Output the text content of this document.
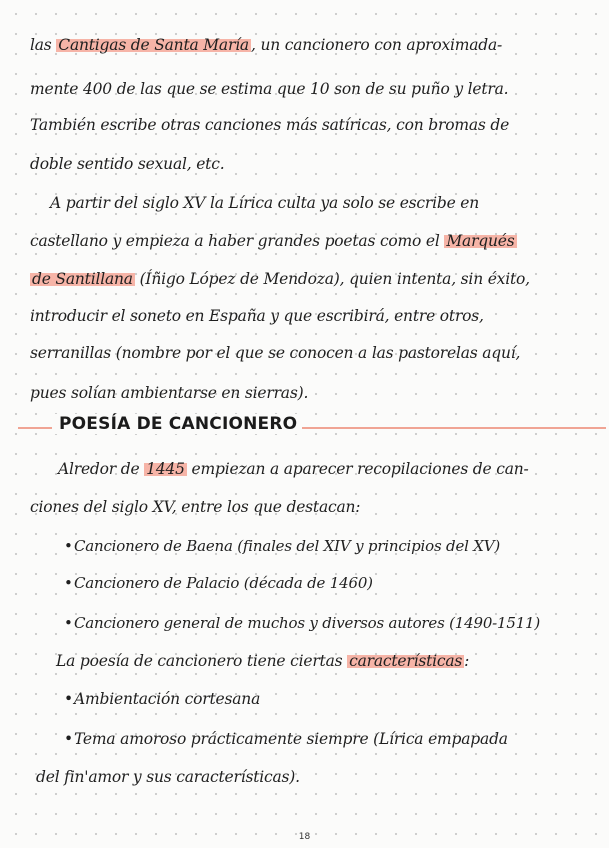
las Cantigas de Santa María , un cancionero con aproximada-
mente 400 de las que se estima que 10 son de su puño y letra.
También escribe otras canciones más satíricas, con bromas de
doble sentido sexual, etc.
A partir del siglo XV la Lírica culta ya solo se escribe en
castellano y empieza a haber grandes poetas como el Marqués
de Santillana (Íñigo López de Mendoza), quien intenta, sin éxito,
introducir el soneto en España y que escribirá, entre otros,
serranillas (nombre por el que se conocen a las pastorelas aquí,
pues solían ambientarse en sierras).
POESÍA DE CANCIONERO
Alredor de 1445 empiezan a aparecer recopilaciones de can-
ciones del siglo XV, entre los que destacan:
•Cancionero de Baena (finales del XIV y principios del XV)
•Cancionero de Palacio (década de 1460)
•Cancionero general de muchos y diversos autores (1490-1511)
La poesía de cancionero tiene ciertas características :
•Ambientación cortesana
•Tema amoroso prácticamente siempre (Lírica empapada
del fin'amor y sus características).
18
